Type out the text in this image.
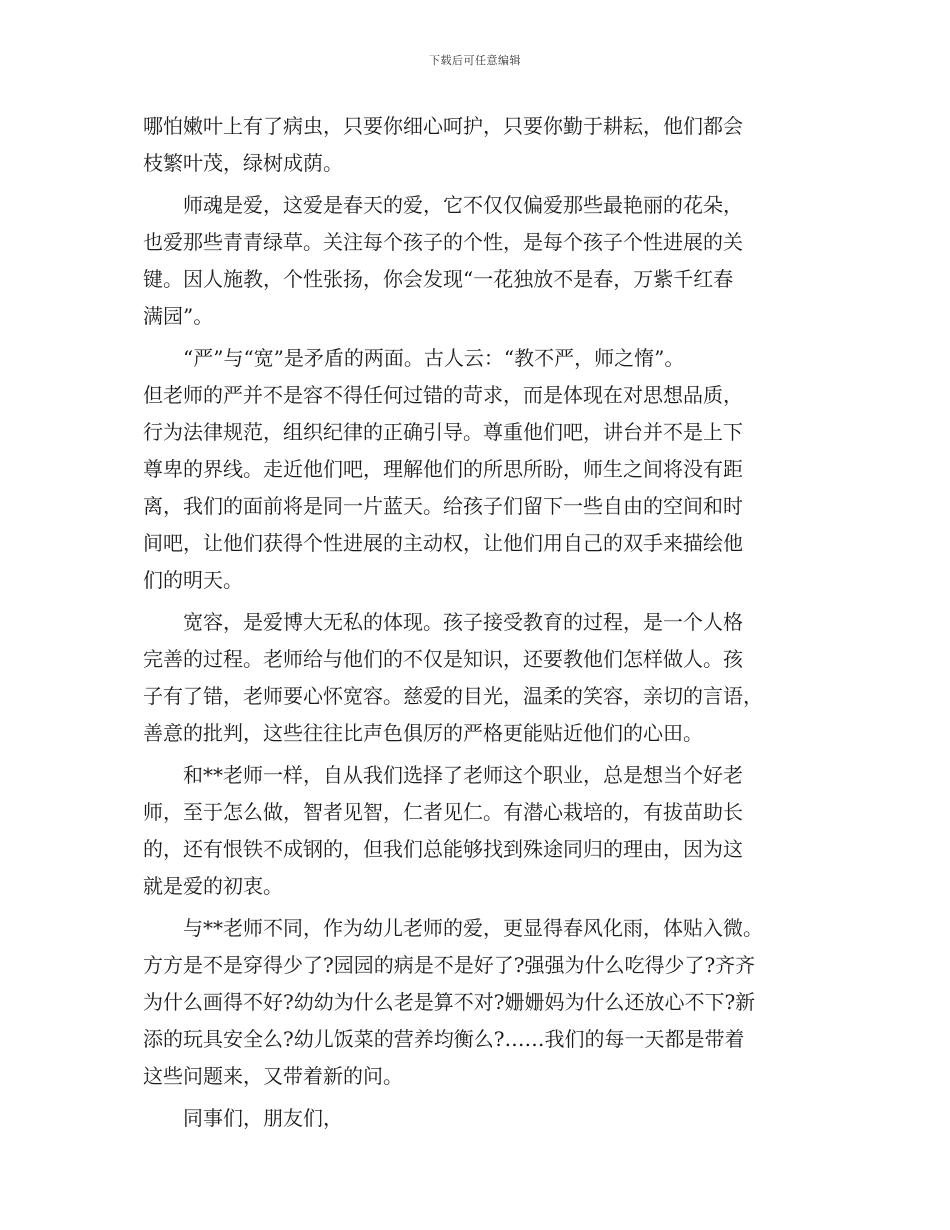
下载后可任意编辑
哪怕嫩叶上有了病虫，只要你细心呵护，只要你勤于耕耘，他们都会
枝繁叶茂，绿树成荫。
　　师魂是爱，这爱是春天的爱，它不仅仅偏爱那些最艳丽的花朵，
也爱那些青青绿草。关注每个孩子的个性，是每个孩子个性进展的关
键。因人施教，个性张扬，你会发现“一花独放不是春，万紫千红春
满园”。
　　“严”与“宽”是矛盾的两面。古人云：“教不严，师之惰”。
但老师的严并不是容不得任何过错的苛求，而是体现在对思想品质，
行为法律规范，组织纪律的正确引导。尊重他们吧，讲台并不是上下
尊卑的界线。走近他们吧，理解他们的所思所盼，师生之间将没有距
离，我们的面前将是同一片蓝天。给孩子们留下一些自由的空间和时
间吧，让他们获得个性进展的主动权，让他们用自己的双手来描绘他
们的明天。
　　宽容，是爱博大无私的体现。孩子接受教育的过程，是一个人格
完善的过程。老师给与他们的不仅是知识，还要教他们怎样做人。孩
子有了错，老师要心怀宽容。慈爱的目光，温柔的笑容，亲切的言语，
善意的批判，这些往往比声色俱厉的严格更能贴近他们的心田。
　　和**老师一样，自从我们选择了老师这个职业，总是想当个好老
师，至于怎么做，智者见智，仁者见仁。有潜心栽培的，有拔苗助长
的，还有恨铁不成钢的，但我们总能够找到殊途同归的理由，因为这
就是爱的初衷。
　　与**老师不同，作为幼儿老师的爱，更显得春风化雨，体贴入微。
方方是不是穿得少了?园园的病是不是好了?强强为什么吃得少了?齐齐
为什么画得不好?幼幼为什么老是算不对?姗姗妈为什么还放心不下?新
添的玩具安全么?幼儿饭菜的营养均衡么?……我们的每一天都是带着
这些问题来，又带着新的问。
　　同事们，朋友们，
